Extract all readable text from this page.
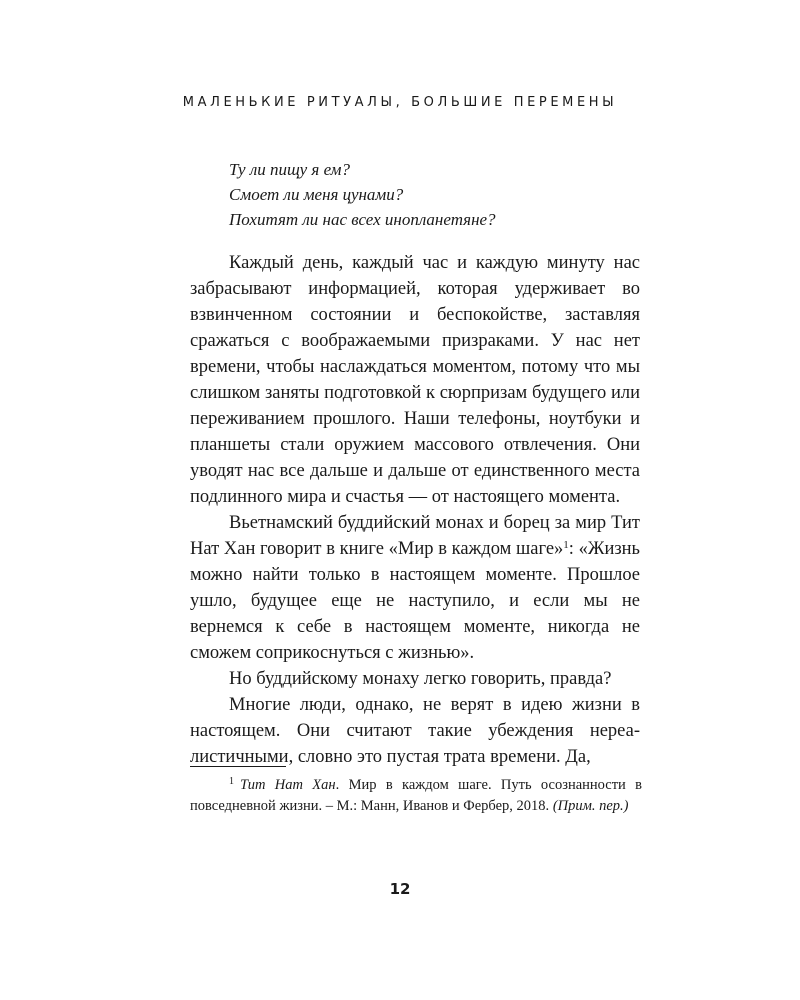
МАЛЕНЬКИЕ РИТУАЛЫ, БОЛЬШИЕ ПЕРЕМЕНЫ
Ту ли пищу я ем?
Смоет ли меня цунами?
Похитят ли нас всех инопланетяне?

Каждый день, каждый час и каждую минуту нас забрасывают информацией, которая удерживает во взвинченном состоянии и беспокойстве, заставляя сражаться с воображаемыми призраками. У нас нет времени, чтобы наслаждаться моментом, потому что мы слишком заняты подготовкой к сюрпризам будущего или переживанием прошлого. Наши телефоны, ноутбуки и планшеты стали оружием массового отвлечения. Они уводят нас все дальше и дальше от единственного места подлинного мира и счастья — от настоящего момента.

Вьетнамский буддийский монах и борец за мир Тит Нат Хан говорит в книге «Мир в каждом шаге»$^1$: «Жизнь можно найти только в настоящем моменте. Прошлое ушло, будущее еще не наступило, и если мы не вернемся к себе в настоящем моменте, никогда не сможем соприкоснуться с жизнью».

Но буддийскому монаху легко говорить, правда?

Многие люди, однако, не верят в идею жизни в настоящем. Они считают такие убеждения нереалистичными, словно это пустая трата времени. Да,

$^1$ Тит Нат Хан. Мир в каждом шаге. Путь осознанности в повседневной жизни. – М.: Манн, Иванов и Фербер, 2018. (Прим. пер.)

12
